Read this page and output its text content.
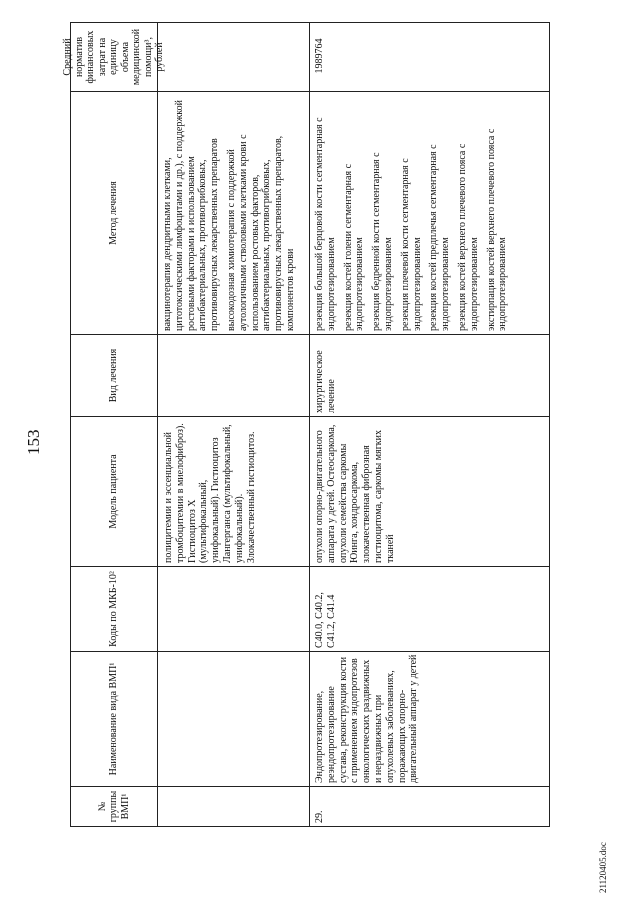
153
№ группы ВМП¹
Наименование вида ВМП¹
Коды по МКБ-10²
Модель пациента
Вид лечения
Метод лечения
Средний норматив финансовых затрат на единицу объема медицинской помощи³, рублей
полицитемии и эссенциальной тромбоцитемии в миелофиброз). Гистиоцитоз Х (мультифокальный, унифокальный). Гистиоцитоз Лангерганса (мультифокальный, унифокальный). Злокачественный гистиоцитоз.

вакцинотерапия дендритными клетками, цитотоксическими лимфоцитами и др.), с поддержкой ростовыми факторами и использованием антибактериальных, противогрибковых, противовирусных лекарственных препаратов высокодозная химиотерапия с поддержкой аутологичными стволовыми клетками крови с использованием ростовых факторов, антибактериальных, противогрибковых, противовирусных лекарственных препаратов, компонентов крови

29.
Эндопротезирование, реэндопротезирование сустава, реконструкция кости с применением эндопротезов онкологических раздвижных и нераздвижных при опухолевых заболеваниях, поражающих опорно-двигательный аппарат у детей
C40.0, C40.2, C41.2, C41.4
опухоли опорно-двигательного аппарата у детей. Остеосаркома, опухоли семейства саркомы Юинга, хондросаркома, злокачественная фиброзная гистиоцитома, саркомы мягких тканей
хирургическое лечение

резекция большой берцовой кости сегментарная с эндопротезированием резекция костей голени сегментарная с эндопротезированием резекция бедренной кости сегментарная с эндопротезированием резекция плечевой кости сегментарная с эндопротезированием резекция костей предплечья сегментарная с эндопротезированием резекция костей верхнего плечевого пояса с эндопротезированием экстирпация костей верхнего плечевого пояса с эндопротезированием

1989764
21120405.doc
